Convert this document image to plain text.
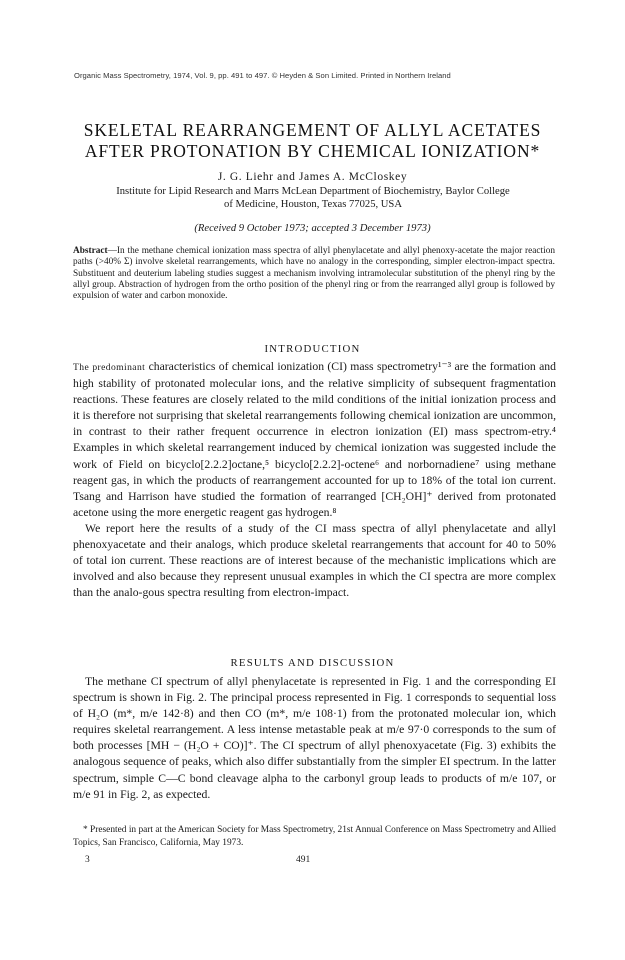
Organic Mass Spectrometry, 1974, Vol. 9, pp. 491 to 497. © Heyden & Son Limited. Printed in Northern Ireland
SKELETAL REARRANGEMENT OF ALLYL ACETATES
AFTER PROTONATION BY CHEMICAL IONIZATION*
J. G. Liehr and James A. McCloskey
Institute for Lipid Research and Marrs McLean Department of Biochemistry, Baylor College
of Medicine, Houston, Texas 77025, USA
(Received 9 October 1973; accepted 3 December 1973)
Abstract—In the methane chemical ionization mass spectra of allyl phenylacetate and allyl phenoxy-acetate the major reaction paths (>40% Σ) involve skeletal rearrangements, which have no analogy in the corresponding, simpler electron-impact spectra. Substituent and deuterium labeling studies suggest a mechanism involving intramolecular substitution of the phenyl ring by the allyl group. Abstraction of hydrogen from the ortho position of the phenyl ring or from the rearranged allyl group is followed by expulsion of water and carbon monoxide.
INTRODUCTION

The predominant characteristics of chemical ionization (CI) mass spectrometry¹⁻³ are the formation and high stability of protonated molecular ions, and the relative simplicity of subsequent fragmentation reactions. These features are closely related to the mild conditions of the initial ionization process and it is therefore not surprising that skeletal rearrangements following chemical ionization are uncommon, in contrast to their rather frequent occurrence in electron ionization (EI) mass spectrom-etry.⁴ Examples in which skeletal rearrangement induced by chemical ionization was suggested include the work of Field on bicyclo[2.2.2]octane,⁵ bicyclo[2.2.2]-octene⁶ and norbornadiene⁷ using methane reagent gas, in which the products of rearrangement accounted for up to 18% of the total ion current. Tsang and Harrison have studied the formation of rearranged [CH₂OH]⁺ derived from protonated acetone using the more energetic reagent gas hydrogen.⁸

We report here the results of a study of the CI mass spectra of allyl phenylacetate and allyl phenoxyacetate and their analogs, which produce skeletal rearrangements that account for 40 to 50% of total ion current. These reactions are of interest because of the mechanistic implications which are involved and also because they represent unusual examples in which the CI spectra are more complex than the analo-gous spectra resulting from electron-impact.

RESULTS AND DISCUSSION

The methane CI spectrum of allyl phenylacetate is represented in Fig. 1 and the corresponding EI spectrum is shown in Fig. 2. The principal process represented in Fig. 1 corresponds to sequential loss of H₂O (m*, m/e 142·8) and then CO (m*, m/e 108·1) from the protonated molecular ion, which requires skeletal rearrangement. A less intense metastable peak at m/e 97·0 corresponds to the sum of both processes [MH − (H₂O + CO)]⁺. The CI spectrum of allyl phenoxyacetate (Fig. 3) exhibits the analogous sequence of peaks, which also differ substantially from the simpler EI spectrum. In the latter spectrum, simple C—C bond cleavage alpha to the carbonyl group leads to products of m/e 107, or m/e 91 in Fig. 2, as expected.

* Presented in part at the American Society for Mass Spectrometry, 21st Annual Conference on Mass Spectrometry and Allied Topics, San Francisco, California, May 1973.
3	491
